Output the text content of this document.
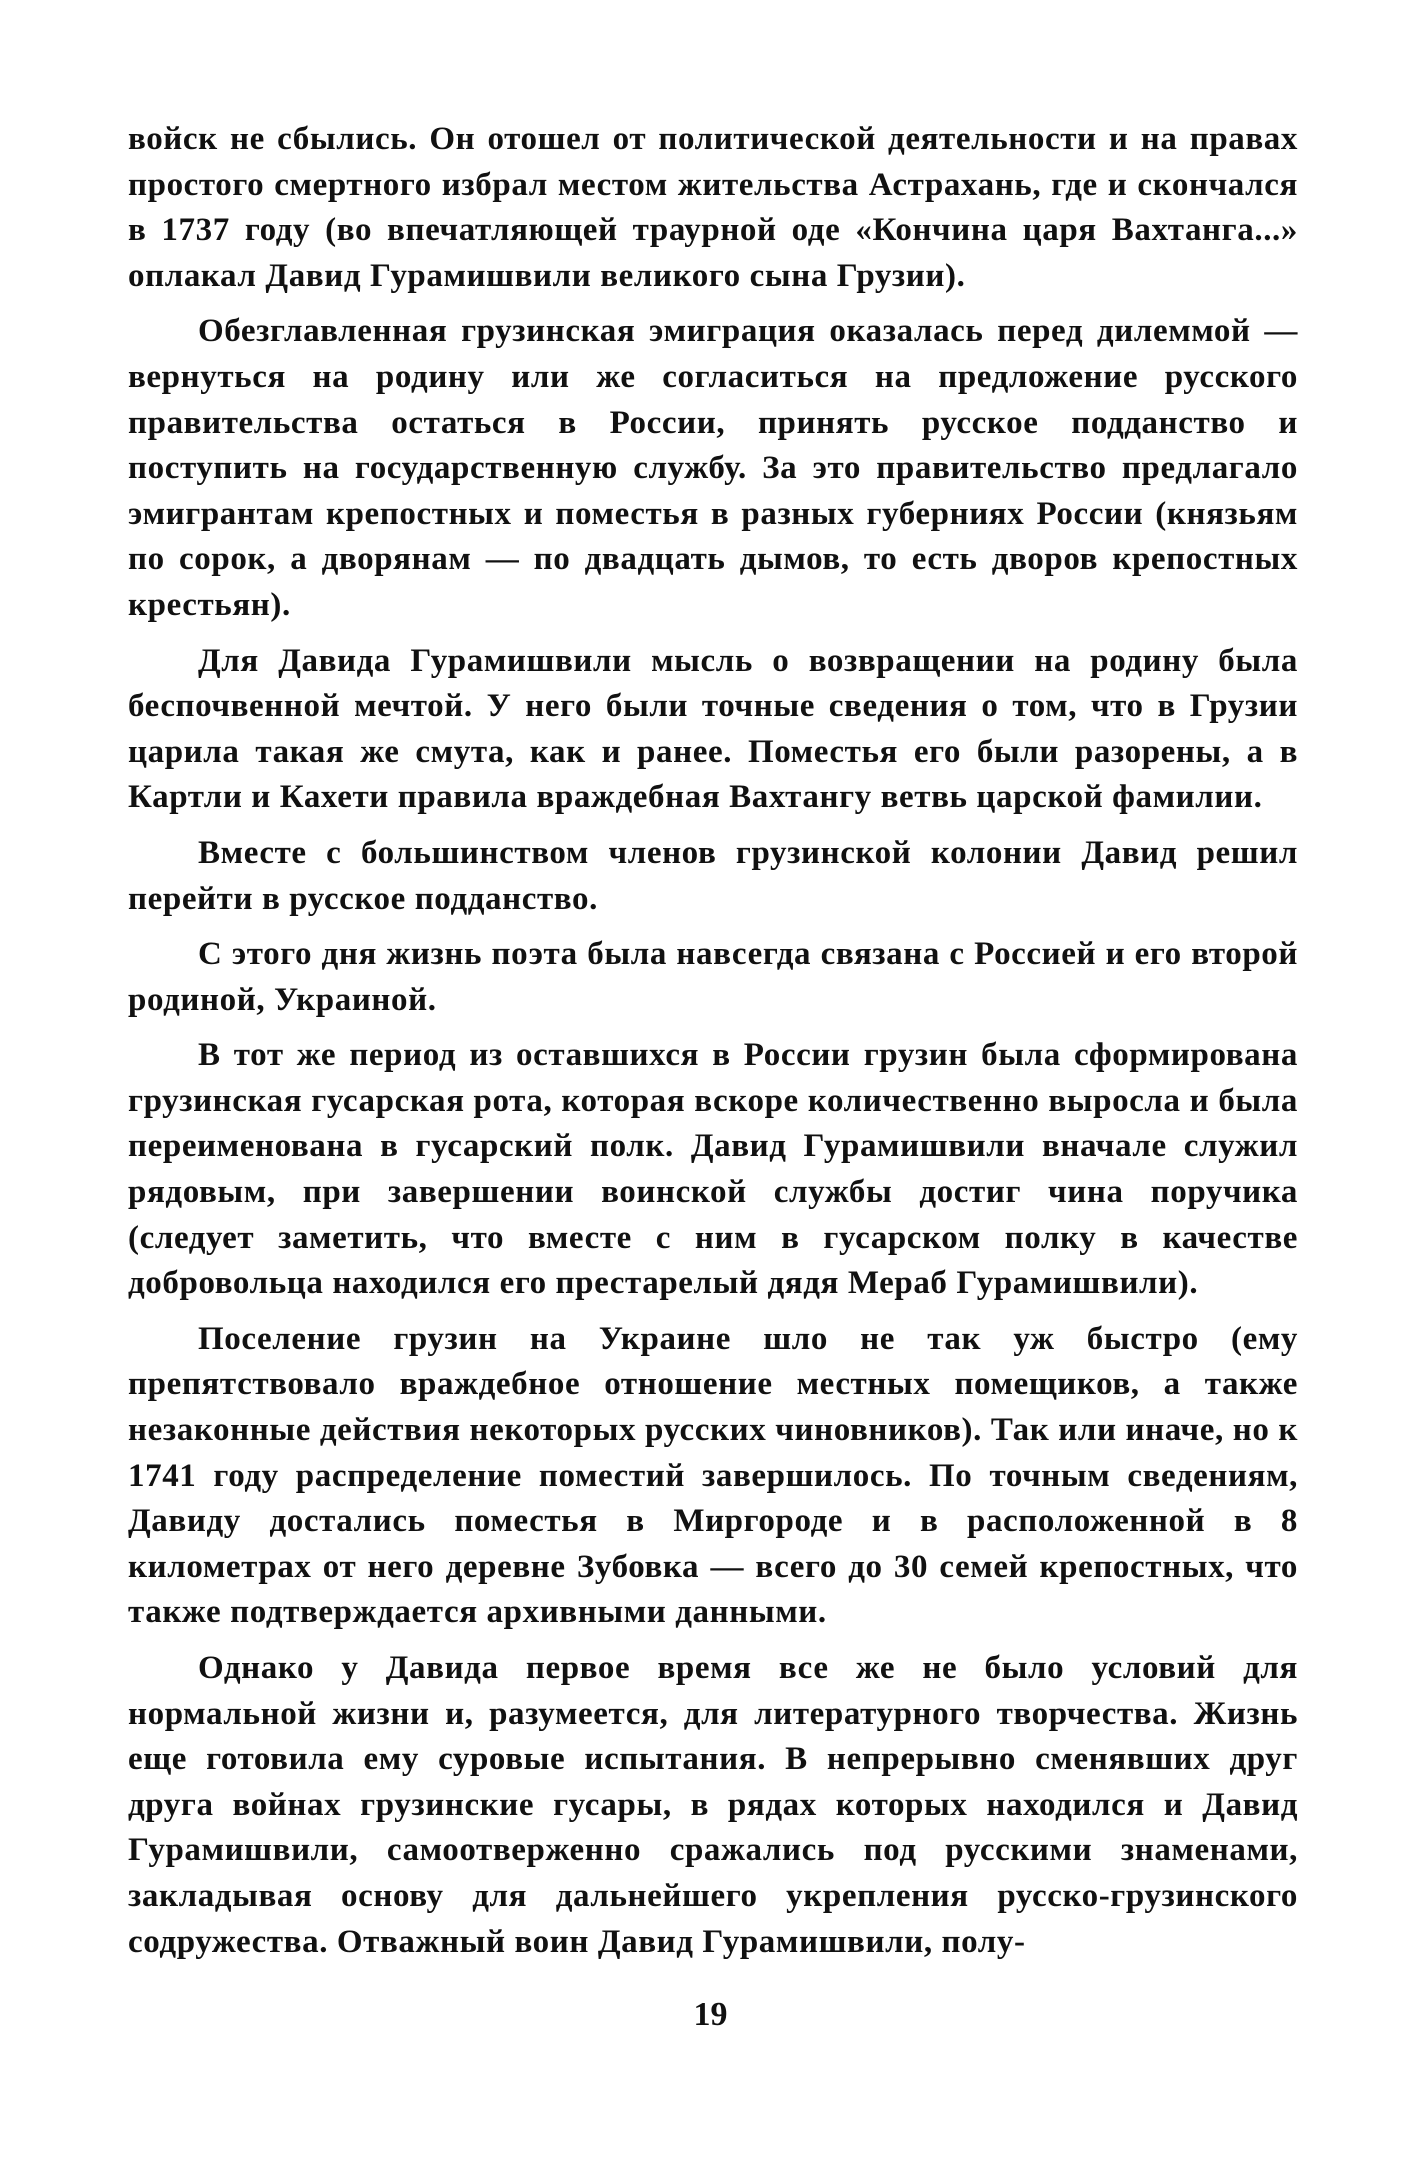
войск не сбылись. Он отошел от политической деятельности и на правах простого смертного избрал местом жительства Астрахань, где и скончался в 1737 году (во впечатляющей траурной оде «Кончина царя Вахтанга...» оплакал Давид Гурамишвили великого сына Грузии).

Обезглавленная грузинская эмиграция оказалась перед дилеммой — вернуться на родину или же согласиться на предложение русского правительства остаться в России, принять русское подданство и поступить на государственную службу. За это правительство предлагало эмигрантам крепостных и поместья в разных губерниях России (князьям по сорок, а дворянам — по двадцать дымов, то есть дворов крепостных крестьян).

Для Давида Гурамишвили мысль о возвращении на родину была беспочвенной мечтой. У него были точные сведения о том, что в Грузии царила такая же смута, как и ранее. Поместья его были разорены, а в Картли и Кахети правила враждебная Вахтангу ветвь царской фамилии.

Вместе с большинством членов грузинской колонии Давид решил перейти в русское подданство.

С этого дня жизнь поэта была навсегда связана с Россией и его второй родиной, Украиной.

В тот же период из оставшихся в России грузин была сформирована грузинская гусарская рота, которая вскоре количественно выросла и была переименована в гусарский полк. Давид Гурамишвили вначале служил рядовым, при завершении воинской службы достиг чина поручика (следует заметить, что вместе с ним в гусарском полку в качестве добровольца находился его престарелый дядя Мераб Гурамишвили).

Поселение грузин на Украине шло не так уж быстро (ему препятствовало враждебное отношение местных помещиков, а также незаконные действия некоторых русских чиновников). Так или иначе, но к 1741 году распределение поместий завершилось. По точным сведениям, Давиду достались поместья в Миргороде и в расположенной в 8 километрах от него деревне Зубовка — всего до 30 семей крепостных, что также подтверждается архивными данными.

Однако у Давида первое время все же не было условий для нормальной жизни и, разумеется, для литературного творчества. Жизнь еще готовила ему суровые испытания. В непрерывно сменявших друг друга войнах грузинские гусары, в рядах которых находился и Давид Гурамишвили, самоотверженно сражались под русскими знаменами, закладывая основу для дальнейшего укрепления русско-грузинского содружества. Отважный воин Давид Гурамишвили, полу-

19
